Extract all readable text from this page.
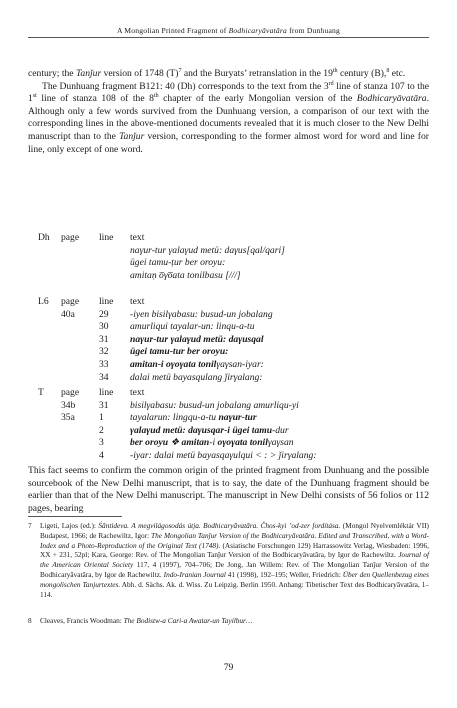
A Mongolian Printed Fragment of Bodhicaryāvatāra from Dunhuang

century; the Tanǰur version of 1748 $(T)^7$ and the Buryats’ retranslation in the 19th century (B),$^8$ etc.

The Dunhuang fragment B121: 40 (Dh) corresponds to the text from the 3rd line of stanza 107 to the 1st line of stanza 108 of the 8th chapter of the early Mongolian version of the Bodhicaryāvatāra. Although only a few words survived from the Dunhuang version, a comparison of our text with the corresponding lines in the above-mentioned documents revealed that it is much closer to the New Delhi manuscript than to the Tanǰur version, corresponding to the former almost word for word and line for line, only except of one word.

Dh page line text
naγur-tur γalaγud metü: daγus[qal/qari]
ügei tamu-ṭur ber oroyu:
amitaṇ o̅γo̅ata tonilbasu [///]
L6 page line text
40a	29 -iyen bisilγabasu: busud-un jobalang
30 amurliqui tayalar-un: linqu-a-tu
31 naγur-tur γalaγud metü: daγusqal
32 ügei tamu-tur ber oroyu:
33 amitan-i oγoγata tonilγaγsan-iyar:
34 dalai metü bayasqulang ǰirγalang:
T page line text
34b 31 bisilγabasu: busud-un jobalang amurliqu-yi
35a	1	tayalarun: lingqu-a-tu naγur-tur
2	γalaγud metü: daγusqar-i ügei tamu-dur
3	ber oroyu ❖ amitan-i oγoγata tonilγaγsan
4	-iyar: dalai metü bayasqaγulqui < : > ǰirγalang:

This fact seems to confirm the common origin of the printed fragment from Dunhuang and the possible sourcebook of the New Delhi manuscript, that is to say, the date of the Dunhuang fragment should be earlier than that of the New Delhi manuscript. The manuscript in New Delhi consists of 56 folios or 112 pages, bearing

7 Ligeti, Lajos (ed.): Śāntideva. A megvilágosodás útja. Bodhicaryāvatāra. Čhos-kyi ’od-zer fordítása. (Mongol Nyelvemléktár VII) Budapest, 1966; de Rachewiltz, Igor: The Mongolian Tanǰur Version of the Bodhicaryāvatāra. Edited and Transcribed, with a Word-Index and a Photo-Reproduction of the Original Text (1748). (Asiatische Forschungen 129) Harrassowitz Verlag, Wiesbaden: 1996, XX + 231, 52pl; Kara, George: Rev. of The Mongolian Tanǰur Version of the Bodhicaryāvatāra, by Igor de Rachewiltz. Journal of the American Oriental Society 117, 4 (1997), 704–706; De Jong, Jan Willem: Rev. of The Mongolian Tanǰur Version of the Bodhicaryāvatāra, by Igor de Rachewiltz. Indo-Iranian Journal 41 (1998), 192–195; Weller, Friedrich: Über den Quellenbezug eines mongolischen Tanjurtextes. Abh. d. Sächs. Ak. d. Wiss. Zu Leipzig. Berlin 1950. Anhang: Tibetischer Text des Bodhicaryāvatāra, 1–114.
8 Cleaves, Francis Woodman: The Bodistw-a Cari-a Awatar-un Tayilbur…
79
